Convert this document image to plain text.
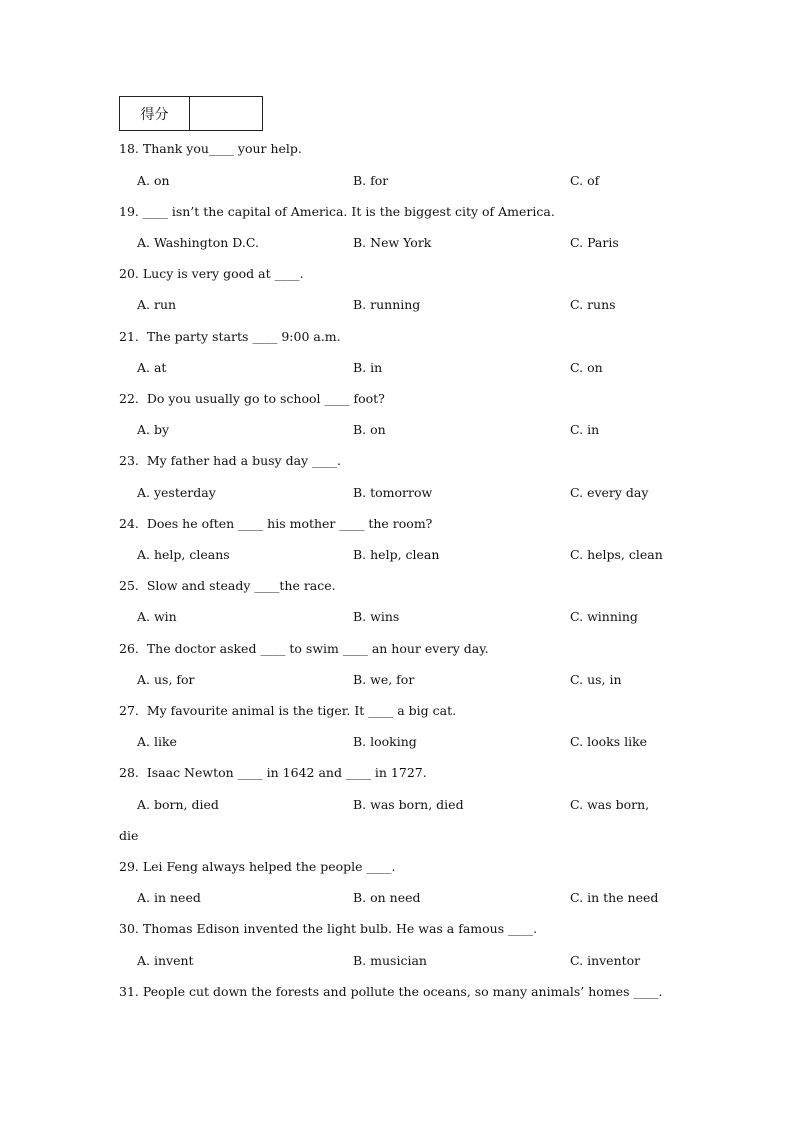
得分
18. Thank you____ your help.
A. on	B. for	C. of
19. ____ isn’t the capital of America. It is the biggest city of America.
A. Washington D.C.	B. New York	C. Paris
20. Lucy is very good at ____.
A. run	B. running	C. runs
21.  The party starts ____ 9:00 a.m.
A. at	B. in	C. on
22.  Do you usually go to school ____ foot?
A. by	B. on	C. in
23.  My father had a busy day ____.
A. yesterday	B. tomorrow	C. every day
24.  Does he often ____ his mother ____ the room?
A. help, cleans	B. help, clean	C. helps, clean
25.  Slow and steady ____the race.
A. win	B. wins	C. winning
26.  The doctor asked ____ to swim ____ an hour every day.
A. us, for	B. we, for	C. us, in
27.  My favourite animal is the tiger. It ____ a big cat.
A. like	B. looking	C. looks like
28.  Isaac Newton ____ in 1642 and ____ in 1727.
A. born, died	B. was born, died	C. was born,
die
29. Lei Feng always helped the people ____.
A. in need	B. on need	C. in the need
30. Thomas Edison invented the light bulb. He was a famous ____.
A. invent	B. musician	C. inventor
31. People cut down the forests and pollute the oceans, so many animals’ homes ____.
